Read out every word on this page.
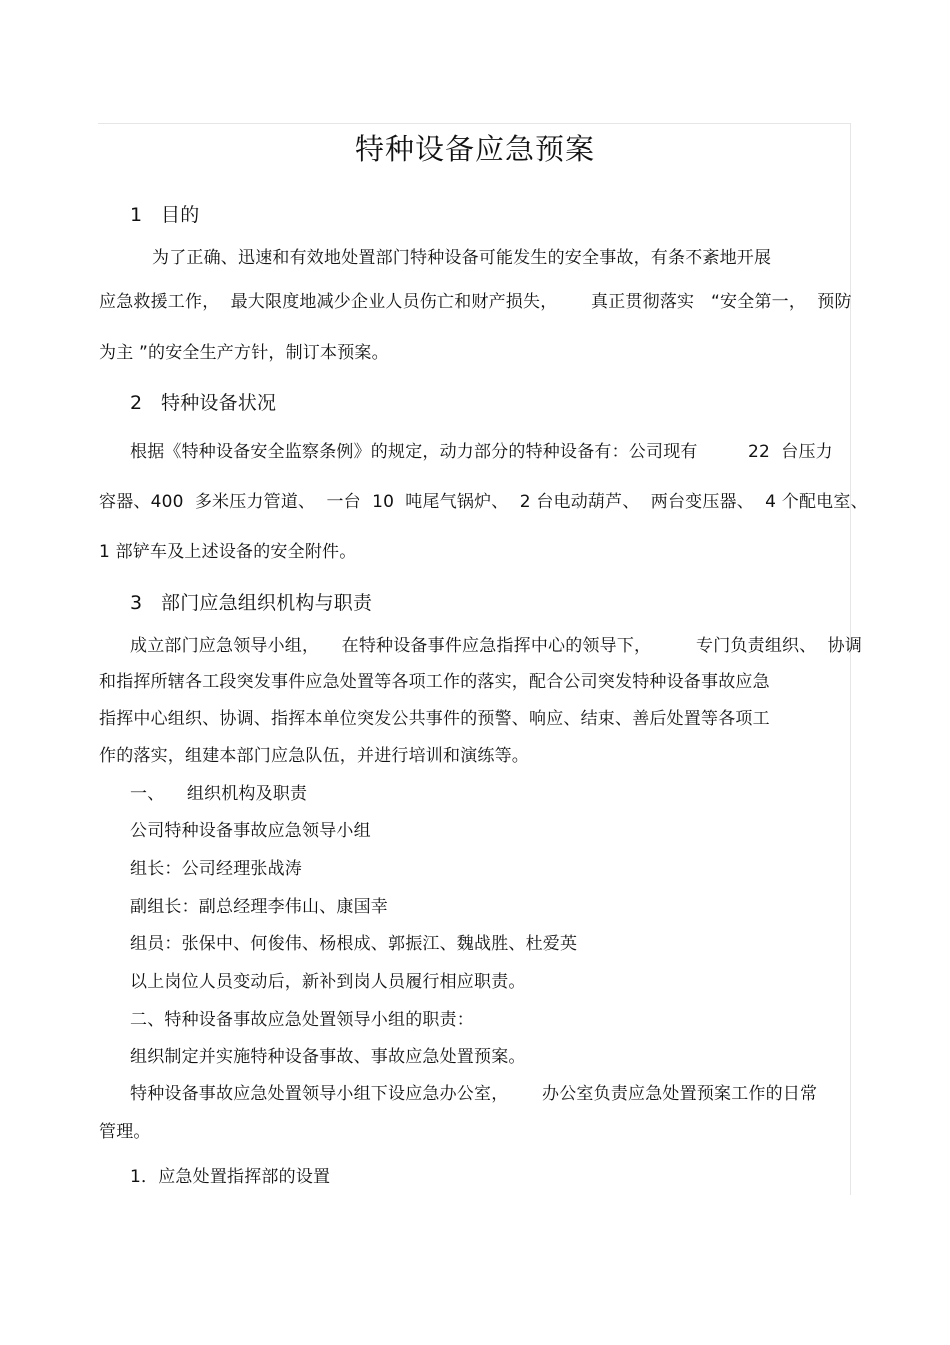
特种设备应急预案
1   目的
为了正确、迅速和有效地处置部门特种设备可能发生的安全事故，有条不紊地开展
应急救援工作，  最大限度地减少企业人员伤亡和财产损失，      真正贯彻落实   “安全第一，  预防
为主 ”的安全生产方针，制订本预案。
2   特种设备状况
根据《特种设备安全监察条例》的规定，动力部分的特种设备有：公司现有         22  台压力
容器、400  多米压力管道、  一台  10  吨尾气锅炉、  2 台电动葫芦、  两台变压器、  4 个配电室、
1 部铲车及上述设备的安全附件。
3   部门应急组织机构与职责
成立部门应急领导小组，    在特种设备事件应急指挥中心的领导下，        专门负责组织、  协调
和指挥所辖各工段突发事件应急处置等各项工作的落实，配合公司突发特种设备事故应急
指挥中心组织、协调、指挥本单位突发公共事件的预警、响应、结束、善后处置等各项工
作的落实，组建本部门应急队伍，并进行培训和演练等。
一、    组织机构及职责
公司特种设备事故应急领导小组
组长：公司经理张战涛
副组长：副总经理李伟山、康国幸
组员：张保中、何俊伟、杨根成、郭振江、魏战胜、杜爱英
以上岗位人员变动后，新补到岗人员履行相应职责。
二、特种设备事故应急处置领导小组的职责：
组织制定并实施特种设备事故、事故应急处置预案。
特种设备事故应急处置领导小组下设应急办公室，      办公室负责应急处置预案工作的日常
管理。
1．应急处置指挥部的设置
